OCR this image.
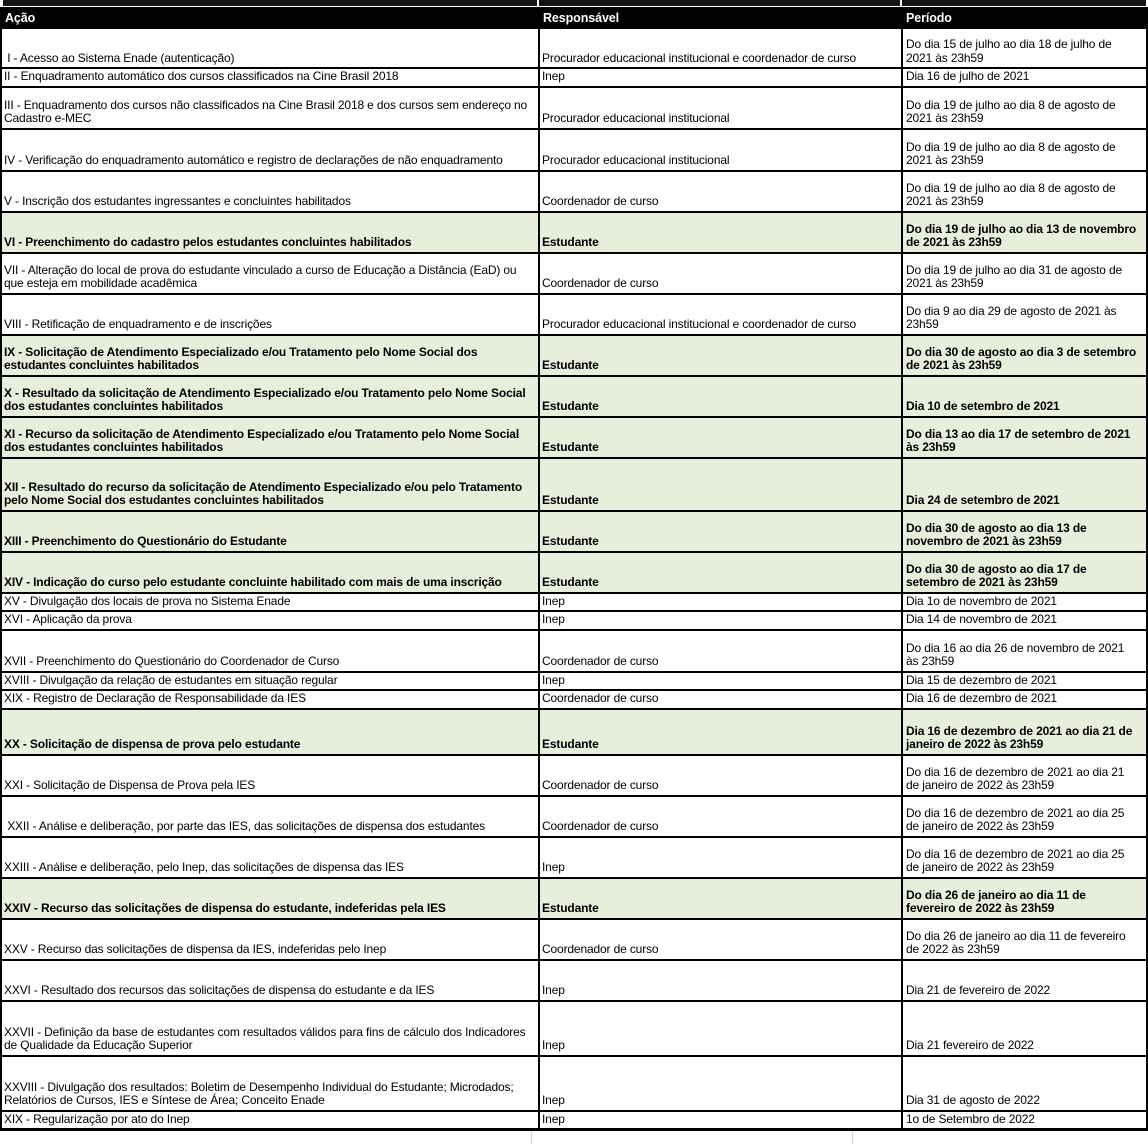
Ação	Responsável	Período
I - Acesso ao Sistema Enade (autenticação)	Procurador educacional institucional e coordenador de curso	Do dia 15 de julho ao dia 18 de julho de 2021 às 23h59
II - Enquadramento automático dos cursos classificados na Cine Brasil 2018	Inep	Dia 16 de julho de 2021
III - Enquadramento dos cursos não classificados na Cine Brasil 2018 e dos cursos sem endereço no Cadastro e-MEC	Procurador educacional institucional	Do dia 19 de julho ao dia 8 de agosto de 2021 às 23h59
IV - Verificação do enquadramento automático e registro de declarações de não enquadramento	Procurador educacional institucional	Do dia 19 de julho ao dia 8 de agosto de 2021 às 23h59
V - Inscrição dos estudantes ingressantes e concluintes habilitados	Coordenador de curso	Do dia 19 de julho ao dia 8 de agosto de 2021 às 23h59
VI - Preenchimento do cadastro pelos estudantes concluintes habilitados	Estudante	Do dia 19 de julho ao dia 13 de novembro de 2021 às 23h59
VII - Alteração do local de prova do estudante vinculado a curso de Educação a Distância (EaD) ou que esteja em mobilidade acadêmica	Coordenador de curso	Do dia 19 de julho ao dia 31 de agosto de 2021 às 23h59
VIII - Retificação de enquadramento e de inscrições	Procurador educacional institucional e coordenador de curso	Do dia 9 ao dia 29 de agosto de 2021 às 23h59
IX - Solicitação de Atendimento Especializado e/ou Tratamento pelo Nome Social dos estudantes concluintes habilitados	Estudante	Do dia 30 de agosto ao dia 3 de setembro de 2021 às 23h59
X - Resultado da solicitação de Atendimento Especializado e/ou Tratamento pelo Nome Social dos estudantes concluintes habilitados	Estudante	Dia 10 de setembro de 2021
XI - Recurso da solicitação de Atendimento Especializado e/ou Tratamento pelo Nome Social dos estudantes concluintes habilitados	Estudante	Do dia 13 ao dia 17 de setembro de 2021 às 23h59
XII - Resultado do recurso da solicitação de Atendimento Especializado e/ou pelo Tratamento pelo Nome Social dos estudantes concluintes habilitados	Estudante	Dia 24 de setembro de 2021
XIII - Preenchimento do Questionário do Estudante	Estudante	Do dia 30 de agosto ao dia 13 de novembro de 2021 às 23h59
XIV - Indicação do curso pelo estudante concluinte habilitado com mais de uma inscrição	Estudante	Do dia 30 de agosto ao dia 17 de setembro de 2021 às 23h59
XV - Divulgação dos locais de prova no Sistema Enade	Inep	Dia 1o de novembro de 2021
XVI - Aplicação da prova	Inep	Dia 14 de novembro de 2021
XVII - Preenchimento do Questionário do Coordenador de Curso	Coordenador de curso	Do dia 16 ao dia 26 de novembro de 2021 às 23h59
XVIII - Divulgação da relação de estudantes em situação regular	Inep	Dia 15 de dezembro de 2021
XIX - Registro de Declaração de Responsabilidade da IES	Coordenador de curso	Dia 16 de dezembro de 2021
XX - Solicitação de dispensa de prova pelo estudante	Estudante	Dia 16 de dezembro de 2021 ao dia 21 de janeiro de 2022 às 23h59
XXI - Solicitação de Dispensa de Prova pela IES	Coordenador de curso	Do dia 16 de dezembro de 2021 ao dia 21 de janeiro de 2022 às 23h59
XXII - Análise e deliberação, por parte das IES, das solicitações de dispensa dos estudantes	Coordenador de curso	Do dia 16 de dezembro de 2021 ao dia 25 de janeiro de 2022 às 23h59
XXIII - Análise e deliberação, pelo Inep, das solicitações de dispensa das IES	Inep	Do dia 16 de dezembro de 2021 ao dia 25 de janeiro de 2022 às 23h59
XXIV - Recurso das solicitações de dispensa do estudante, indeferidas pela IES	Estudante	Do dia 26 de janeiro ao dia 11 de fevereiro de 2022 às 23h59
XXV - Recurso das solicitações de dispensa da IES, indeferidas pelo Inep	Coordenador de curso	Do dia 26 de janeiro ao dia 11 de fevereiro de 2022 às 23h59
XXVI - Resultado dos recursos das solicitações de dispensa do estudante e da IES	Inep	Dia 21 de fevereiro de 2022
XXVII - Definição da base de estudantes com resultados válidos para fins de cálculo dos Indicadores de Qualidade da Educação Superior	Inep	Dia 21 fevereiro de 2022
XXVIII - Divulgação dos resultados: Boletim de Desempenho Individual do Estudante; Microdados; Relatórios de Cursos, IES e Síntese de Área; Conceito Enade	Inep	Dia 31 de agosto de 2022
XIX - Regularização por ato do Inep	Inep	1o de Setembro de 2022
